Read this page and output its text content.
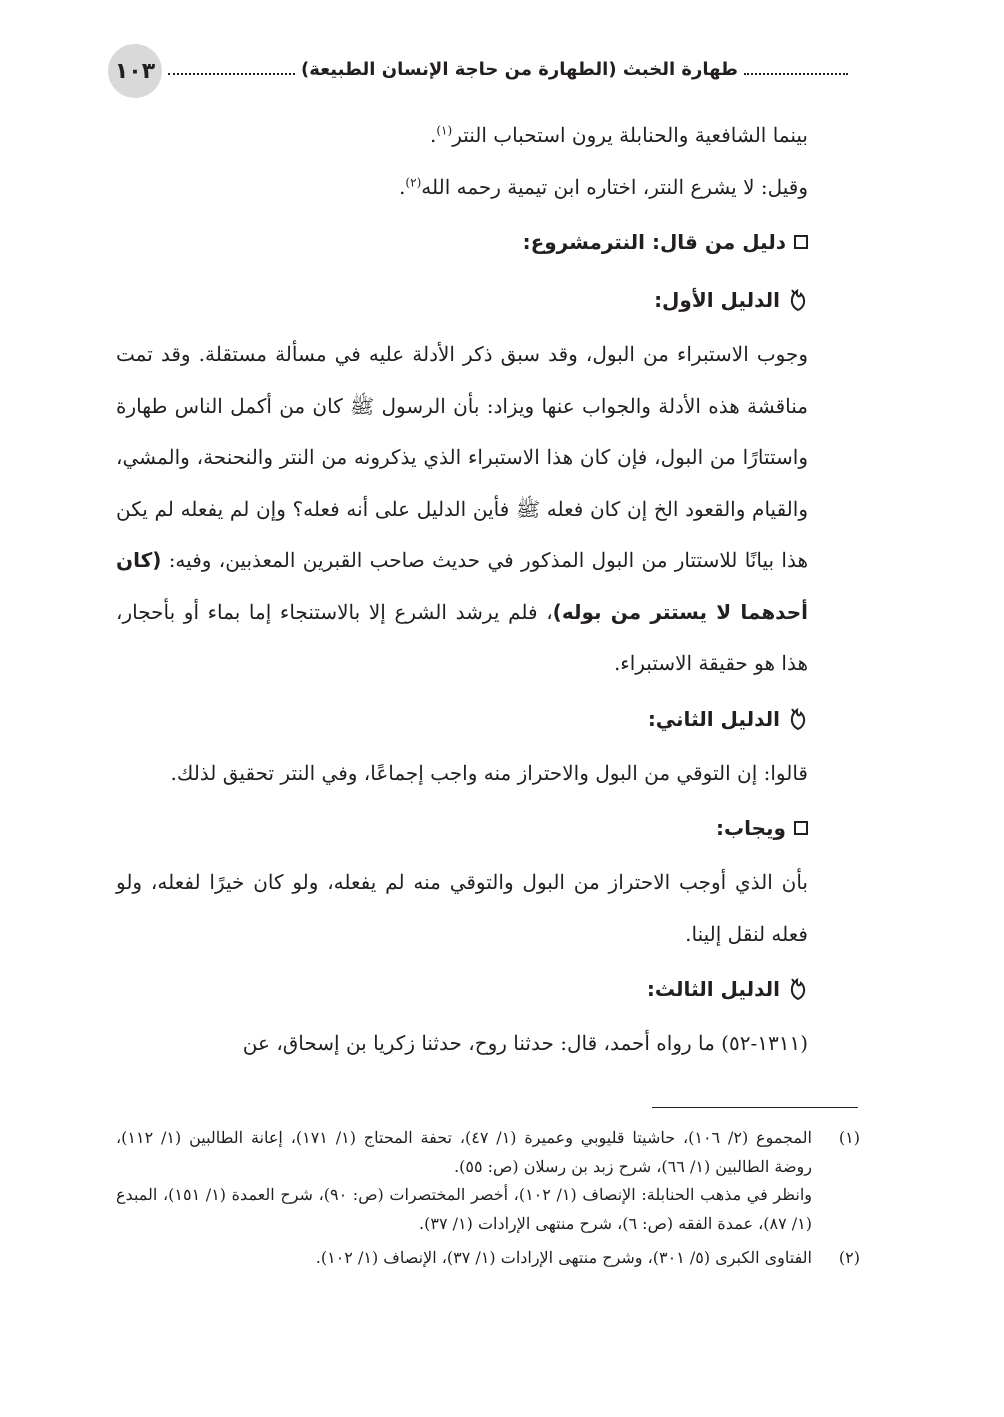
١٠٣	طهارة الخبث (الطهارة من حاجة الإنسان الطبيعة)

بينما الشافعية والحنابلة يرون استحباب النتر$^{(١)}$.

وقيل: لا يشرع النتر، اختاره ابن تيمية رحمه الله$^{(٢)}$.

دليل من قال: النترمشروع:

الدليل الأول:

وجوب الاستبراء من البول، وقد سبق ذكر الأدلة عليه في مسألة مستقلة. وقد تمت مناقشة هذه الأدلة والجواب عنها ويزاد: بأن الرسول ﷺ كان من أكمل الناس طهارة واستتارًا من البول، فإن كان هذا الاستبراء الذي يذكرونه من النتر والنحنحة، والمشي، والقيام والقعود الخ إن كان فعله ﷺ فأين الدليل على أنه فعله؟ وإن لم يفعله لم يكن هذا بيانًا للاستتار من البول المذكور في حديث صاحب القبرين المعذبين، وفيه: (كان أحدهما لا يستتر من بوله)، فلم يرشد الشرع إلا بالاستنجاء إما بماء أو بأحجار، هذا هو حقيقة الاستبراء.

الدليل الثاني:

قالوا: إن التوقي من البول والاحتراز منه واجب إجماعًا، وفي النتر تحقيق لذلك.

ويجاب:

بأن الذي أوجب الاحتراز من البول والتوقي منه لم يفعله، ولو كان خيرًا لفعله، ولو فعله لنقل إلينا.

الدليل الثالث:

(١٣١١-٥٢) ما رواه أحمد، قال: حدثنا روح، حدثنا زكريا بن إسحاق، عن

(١)

المجموع (٢/ ١٠٦)، حاشيتا قليوبي وعميرة (١/ ٤٧)، تحفة المحتاج (١/ ١٧١)، إعانة الطالبين (١/ ١١٢)، روضة الطالبين (١/ ٦٦)، شرح زبد بن رسلان (ص: ٥٥).

وانظر في مذهب الحنابلة: الإنصاف (١/ ١٠٢)، أخصر المختصرات (ص: ٩٠)، شرح العمدة (١/ ١٥١)، المبدع (١/ ٨٧)، عمدة الفقه (ص: ٦)، شرح منتهى الإرادات (١/ ٣٧).

(٢)

الفتاوى الكبرى (٥/ ٣٠١)، وشرح منتهى الإرادات (١/ ٣٧)، الإنصاف (١/ ١٠٢).
